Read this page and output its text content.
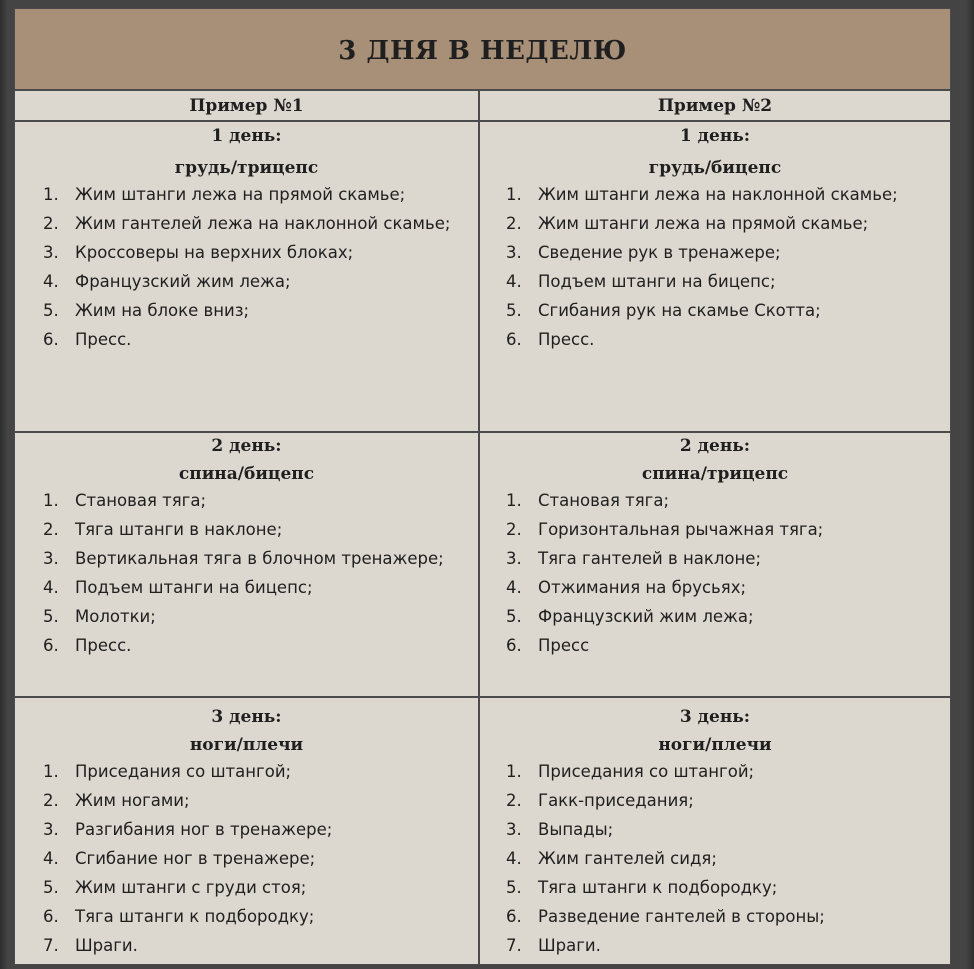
3 ДНЯ В НЕДЕЛЮ
Пример №1	Пример №2
1 день:
грудь/трицепс
1. Жим штанги лежа на прямой скамье;
2. Жим гантелей лежа на наклонной скамье;
3. Кроссоверы на верхних блоках;
4. Французский жим лежа;
5. Жим на блоке вниз;
6. Пресс.
1 день:
грудь/бицепс
1. Жим штанги лежа на наклонной скамье;
2. Жим штанги лежа на прямой скамье;
3. Сведение рук в тренажере;
4. Подъем штанги на бицепс;
5. Сгибания рук на скамье Скотта;
6. Пресс.
2 день:
спина/бицепс
1. Становая тяга;
2. Тяга штанги в наклоне;
3. Вертикальная тяга в блочном тренажере;
4. Подъем штанги на бицепс;
5. Молотки;
6. Пресс.
2 день:
спина/трицепс
1. Становая тяга;
2. Горизонтальная рычажная тяга;
3. Тяга гантелей в наклоне;
4. Отжимания на брусьях;
5. Французский жим лежа;
6. Пресс
3 день:
ноги/плечи
1. Приседания со штангой;
2. Жим ногами;
3. Разгибания ног в тренажере;
4. Сгибание ног в тренажере;
5. Жим штанги с груди стоя;
6. Тяга штанги к подбородку;
7. Шраги.
3 день:
ноги/плечи
1. Приседания со штангой;
2. Гакк-приседания;
3. Выпады;
4. Жим гантелей сидя;
5. Тяга штанги к подбородку;
6. Разведение гантелей в стороны;
7. Шраги.
